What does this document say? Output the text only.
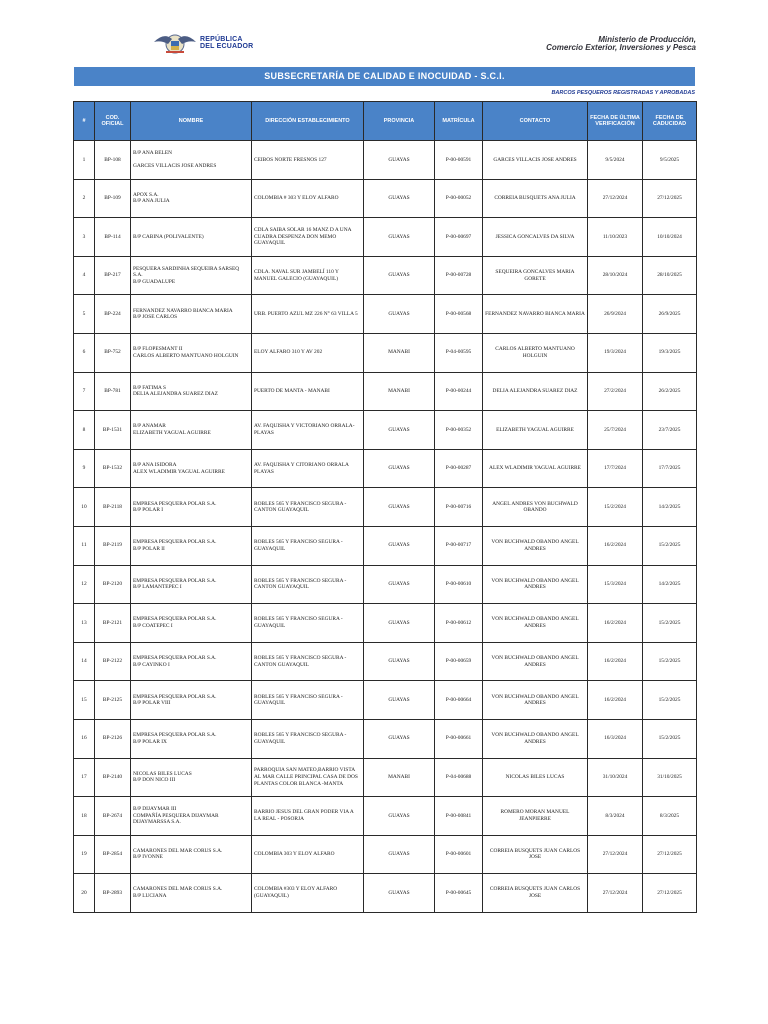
REPÚBLICA
DEL ECUADOR
Ministerio de Producción,
Comercio Exterior, Inversiones y Pesca
SUBSECRETARÍA DE CALIDAD E INOCUIDAD - S.C.I.
BARCOS PESQUEROS REGISTRADAS Y APROBADAS
#	COD. OFICIAL	NOMBRE	DIRECCIÓN ESTABLECIMIENTO	PROVINCIA	MATRÍCULA	CONTACTO	FECHA DE ÚLTIMA VERIFICACIÓN	FECHA DE CADUCIDAD
1	BP-108	B/P ANA BELEN

GARCES VILLACIS JOSE ANDRES	CEIBOS NORTE FRESNOS 127	GUAYAS	P-00-00591	GARCES VILLACIS JOSE ANDRES	9/5/2024	9/5/2025
2	BP-109	APOX S.A.
B/P ANA JULIA	COLOMBIA # 303 Y ELOY ALFARO	GUAYAS	P-00-00052	CORREIA BUSQUETS ANA JULIA	27/12/2024	27/12/2025
3	BP-114	B/P CABINA (POLIVALENTE)	CDLA SAIBA SOLAR 16 MANZ D A UNA CUADRA DESPENZA DON MEMO GUAYAQUIL	GUAYAS	P-00-00697	JESSICA GONCALVES DA SILVA	11/10/2023	10/10/2024
4	BP-217	PESQUERA SARDINHA SEQUEIRA SARSEQ S.A.
B/P GUADALUPE	CDLA. NAVAL SUR JAMBELÍ 110 Y MANUEL GALECIO (GUAYAQUIL)	GUAYAS	P-00-00728	SEQUEIRA GONCALVES MARIA GORETE	28/10/2024	28/10/2025
5	BP-224	FERNANDEZ NAVARRO BIANCA MARIA
B/P JOSE CARLOS	URB. PUERTO AZUL MZ 226 N° 63 VILLA 5	GUAYAS	P-00-00568	FERNANDEZ NAVARRO BIANCA MARIA	26/9/2024	26/9/2025
6	BP-752	B/P FLOPESMANT II
CARLOS ALBERTO MANTUANO HOLGUIN	ELOY ALFARO 310 Y AV 202	MANABI	P-04-00595	CARLOS ALBERTO MANTUANO HOLGUIN	19/3/2024	19/3/2025
7	BP-781	B/P FATIMA S
DELIA ALEJANDRA SUAREZ DIAZ	PUERTO DE MANTA - MANABI	MANABI	P-00-00244	DELIA ALEJANDRA SUAREZ DIAZ	27/2/2024	26/2/2025
8	BP-1531	B/P ANAMAR
ELIZABETH YAGUAL AGUIRRE	AV. FAQUISHA Y VICTORIANO ORRALA-PLAYAS	GUAYAS	P-00-00352	ELIZABETH YAGUAL AGUIRRE	25/7/2024	23/7/2025
9	BP-1532	B/P ANA ISIDORA
ALEX WLADIMIR YAGUAL AGUIRRE	AV. FAQUISHA Y CITORIANO ORRALA PLAYAS	GUAYAS	P-00-00287	ALEX WLADIMIR YAGUAL AGUIRRE	17/7/2024	17/7/2025
10	BP-2118	EMPRESA PESQUERA POLAR S.A.
B/P POLAR I	ROBLES 565 Y FRANCISCO SEGURA - CANTON GUAYAQUIL	GUAYAS	P-00-00716	ANGEL ANDRES VON BUCHWALD OBANDO	15/2/2024	14/2/2025
11	BP-2119	EMPRESA PESQUERA POLAR S.A.
B/P POLAR II	ROBLES 565 Y FRANCISO SEGURA - GUAYAQUIL	GUAYAS	P-00-00717	VON BUCHWALD OBANDO ANGEL ANDRES	16/2/2024	15/2/2025
12	BP-2120	EMPRESA PESQUERA POLAR S.A.
B/P LAMANTEPEC I	ROBLES 565 Y FRANCISCO SEGURA - CANTON GUAYAQUIL	GUAYAS	P-00-00610	VON BUCHWALD OBANDO ANGEL ANDRES	15/3/2024	14/2/2025
13	BP-2121	EMPRESA PESQUERA POLAR S.A.
B/P COATEPEC I	ROBLES 565 Y FRANCISO SEGURA - GUAYAQUIL	GUAYAS	P-00-00612	VON BUCHWALD OBANDO ANGEL ANDRES	16/2/2024	15/2/2025
14	BP-2122	EMPRESA PESQUERA POLAR S.A.
B/P CAYINKO I	ROBLES 565 Y FRANCISCO SEGURA - CANTON GUAYAQUIL	GUAYAS	P-00-00659	VON BUCHWALD OBANDO ANGEL ANDRES	16/2/2024	15/2/2025
15	BP-2125	EMPRESA PESQUERA POLAR S.A.
B/P POLAR VIII	ROBLES 565 Y FRANCISO SEGURA - GUAYAQUIL	GUAYAS	P-00-00664	VON BUCHWALD OBANDO ANGEL ANDRES	16/2/2024	15/2/2025
16	BP-2126	EMPRESA PESQUERA POLAR S.A.
B/P POLAR IX	ROBLES 565 Y FRANCISCO SEGURA - GUAYAQUIL	GUAYAS	P-00-00661	VON BUCHWALD OBANDO ANGEL ANDRES	16/3/2024	15/2/2025
17	BP-2140	NICOLAS BILES LUCAS
B/P DON NICO III	PARROQUIA SAN MATEO,BARRIO VISTA AL MAR CALLE PRINCIPAL CASA DE DOS PLANTAS COLOR BLANCA -MANTA	MANABI	P-04-00688	NICOLAS BILES LUCAS	31/10/2024	31/10/2025
18	BP-2674	B/P DIJAYMAR III
COMPAÑÍA PESQUERA DIJAYMAR DIJAYMARSSA S.A.	BARRIO JESUS DEL GRAN PODER VIA A LA REAL - POSORJA	GUAYAS	P-00-00841	ROMERO MORAN MANUEL JEANPIERRE	8/3/2024	8/3/2025
19	BP-2854	CAMARONES DEL MAR CORUS S.A.
B/P IVONNE	COLOMBIA 303 Y ELOY ALFARO	GUAYAS	P-00-00601	CORREIA BUSQUETS JUAN CARLOS JOSE	27/12/2024	27/12/2025
20	BP-2893	CAMARONES DEL MAR CORUS S.A.
B/P LUCIANA	COLOMBIA #303 Y ELOY ALFARO (GUAYAQUIL)	GUAYAS	P-00-00645	CORREIA BUSQUETS JUAN CARLOS JOSE	27/12/2024	27/12/2025
